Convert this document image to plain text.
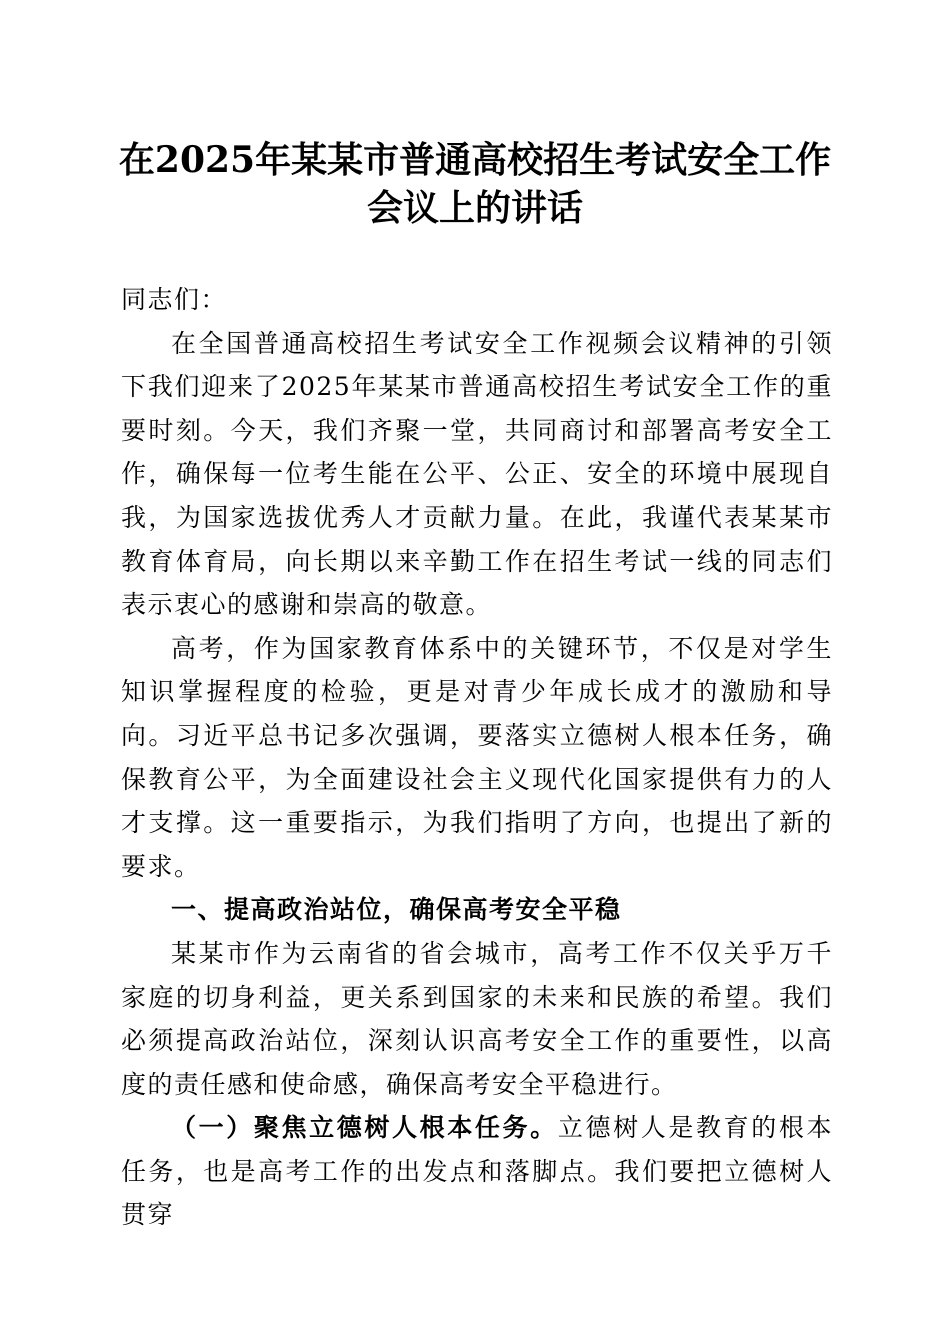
在2025年某某市普通高校招生考试安全工作
会议上的讲话

同志们：

在全国普通高校招生考试安全工作视频会议精神的引领下我们迎来了2025年某某市普通高校招生考试安全工作的重要时刻。今天，我们齐聚一堂，共同商讨和部署高考安全工作，确保每一位考生能在公平、公正、安全的环境中展现自我，为国家选拔优秀人才贡献力量。在此，我谨代表某某市教育体育局，向长期以来辛勤工作在招生考试一线的同志们表示衷心的感谢和崇高的敬意。

高考，作为国家教育体系中的关键环节，不仅是对学生知识掌握程度的检验，更是对青少年成长成才的激励和导向。习近平总书记多次强调，要落实立德树人根本任务，确保教育公平，为全面建设社会主义现代化国家提供有力的人才支撑。这一重要指示，为我们指明了方向，也提出了新的要求。

一、提高政治站位，确保高考安全平稳

某某市作为云南省的省会城市，高考工作不仅关乎万千家庭的切身利益，更关系到国家的未来和民族的希望。我们必须提高政治站位，深刻认识高考安全工作的重要性，以高度的责任感和使命感，确保高考安全平稳进行。

（一）聚焦立德树人根本任务。立德树人是教育的根本任务，也是高考工作的出发点和落脚点。我们要把立德树人贯穿
